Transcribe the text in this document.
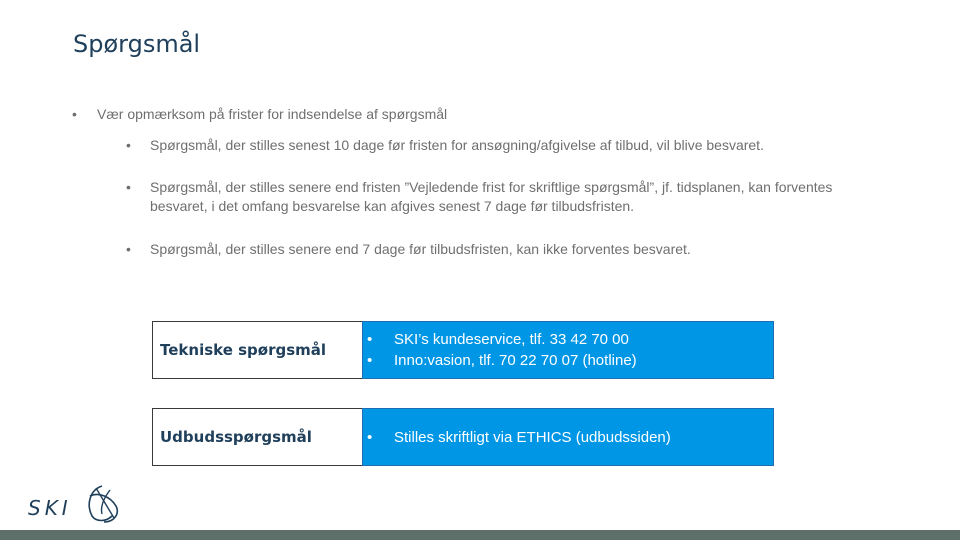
Spørgsmål
• Vær opmærksom på frister for indsendelse af spørgsmål
• Spørgsmål, der stilles senest 10 dage før fristen for ansøgning/afgivelse af tilbud, vil blive besvaret.
• Spørgsmål, der stilles senere end fristen ”Vejledende frist for skriftlige spørgsmål”, jf. tidsplanen, kan forventes besvaret, i det omfang besvarelse kan afgives senest 7 dage før tilbudsfristen.
• Spørgsmål, der stilles senere end 7 dage før tilbudsfristen, kan ikke forventes besvaret.
Tekniske spørgsmål
• SKI’s kundeservice, tlf. 33 42 70 00
• Inno:vasion, tlf. 70 22 70 07 (hotline)
Udbudsspørgsmål	• Stilles skriftligt via ETHICS (udbudssiden)
SKI
